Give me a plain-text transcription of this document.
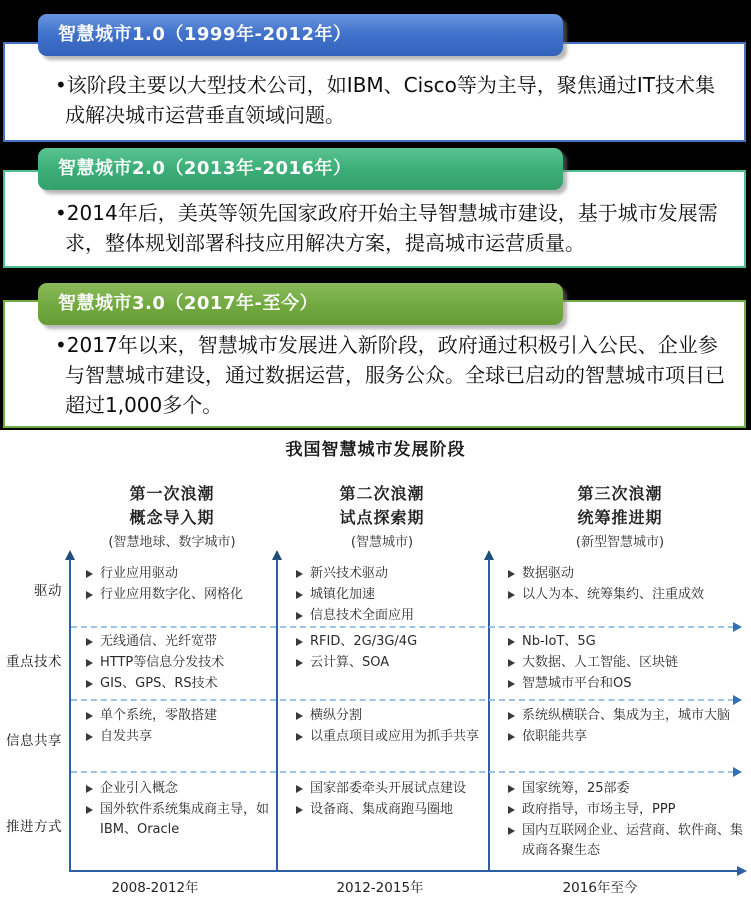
智慧城市1.0（1999年-2012年）
•该阶段主要以大型技术公司，如IBM、Cisco等为主导，聚焦通过IT技术集成解决城市运营垂直领域问题。
智慧城市2.0（2013年-2016年）
•2014年后，美英等领先国家政府开始主导智慧城市建设，基于城市发展需求，整体规划部署科技应用解决方案，提高城市运营质量。
智慧城市3.0（2017年-至今）
•2017年以来，智慧城市发展进入新阶段，政府通过积极引入公民、企业参与智慧城市建设，通过数据运营，服务公众。全球已启动的智慧城市项目已超过1,000多个。
我国智慧城市发展阶段
第一次浪潮
概念导入期
(智慧地球、数字城市)
第二次浪潮
试点探索期
(智慧城市)
第三次浪潮
统筹推进期
(新型智慧城市)
驱动
重点技术
信息共享
推进方式
行业应用驱动
行业应用数字化、网格化
新兴技术驱动
城镇化加速
信息技术全面应用
数据驱动
以人为本、统筹集约、注重成效
无线通信、光纤宽带
HTTP等信息分发技术
GIS、GPS、RS技术
RFID、2G/3G/4G
云计算、SOA
Nb-IoT、5G
大数据、人工智能、区块链
智慧城市平台和OS
单个系统，零散搭建
自发共享
横纵分割
以重点项目或应用为抓手共享
系统纵横联合、集成为主，城市大脑
依职能共享
企业引入概念
国外软件系统集成商主导，如IBM、Oracle
国家部委牵头开展试点建设
设备商、集成商跑马圈地
国家统筹，25部委
政府指导，市场主导，PPP
国内互联网企业、运营商、软件商、集成商各聚生态
2008-2012年	2012-2015年	2016年至今
